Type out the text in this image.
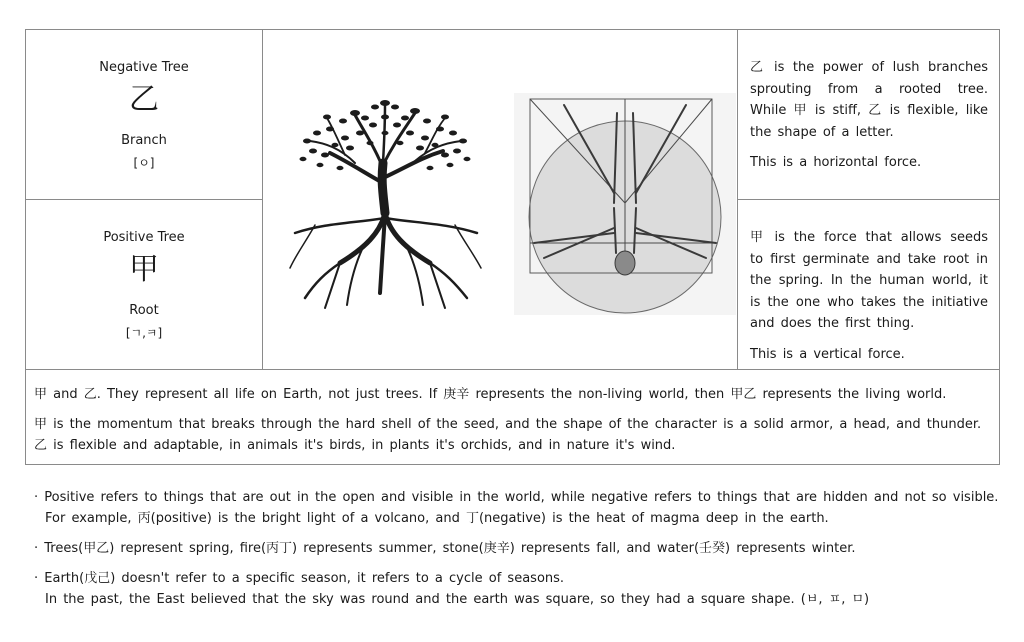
Negative Tree
乙
Branch
[ㅇ]
Positive Tree
甲
Root
[ㄱ,ㅋ]

乙 is the power of lush branches sprouting from a rooted tree. While 甲 is stiff, 乙 is flexible, like the shape of a letter.

This is a horizontal force.

甲 is the force that allows seeds to first germinate and take root in the spring. In the human world, it is the one who takes the initiative and does the first thing.

This is a vertical force.

甲 and 乙. They represent all life on Earth, not just trees. If 庚辛 represents the non-living world, then 甲乙 represents the living world.

甲 is the momentum that breaks through the hard shell of the seed, and the shape of the character is a solid armor, a head, and thunder.

乙 is flexible and adaptable, in animals it's birds, in plants it's orchids, and in nature it's wind.

· Positive refers to things that are out in the open and visible in the world, while negative refers to things that are hidden and not so visible.
For example, 丙(positive) is the bright light of a volcano, and 丁(negative) is the heat of magma deep in the earth.
· Trees(甲乙) represent spring, fire(丙丁) represents summer, stone(庚辛) represents fall, and water(壬癸) represents winter.
· Earth(戊己) doesn't refer to a specific season, it refers to a cycle of seasons.
In the past, the East believed that the sky was round and the earth was square, so they had a square shape. (ㅂ, ㅍ, ㅁ)
